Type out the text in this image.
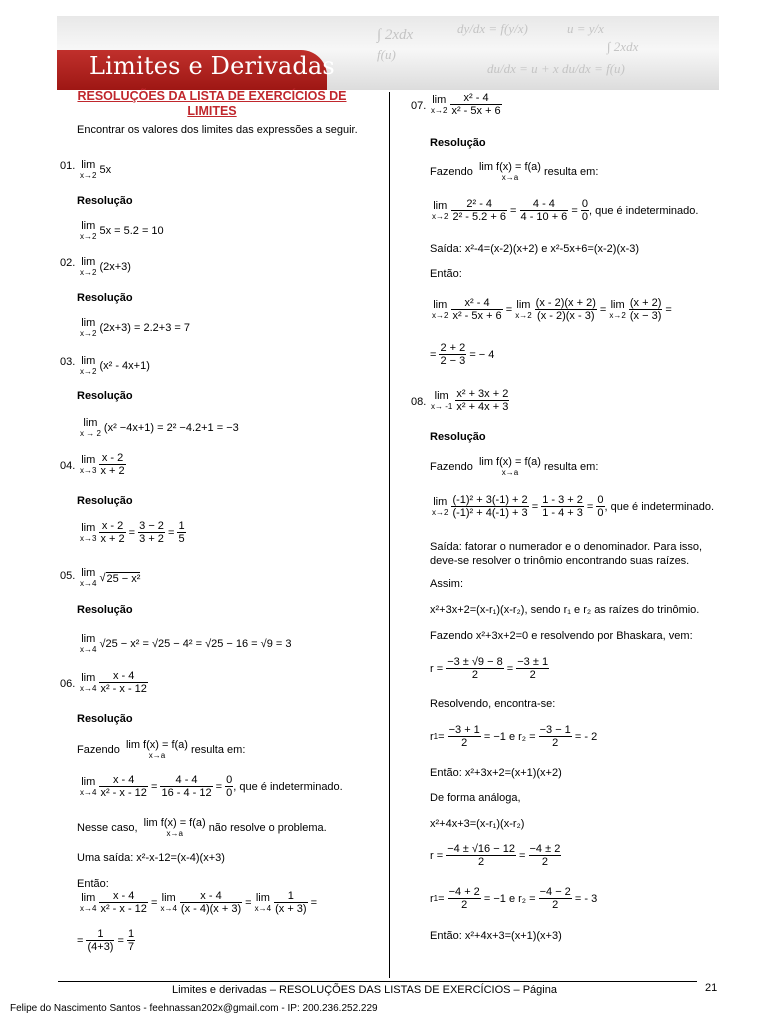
dy/dx = f(y/x)	u = y/x
∫ 2xdx
f(u)
du/dx = u + x du/dx = f(u)
∫ 2xdx
Limites e Derivadas
RESOLUÇÕES DA LISTA DE EXERCÍCIOS DE LIMITES
Encontrar os valores dos limites das expressões a seguir.
01. lim
x→2 5x
Resolução
lim
x→2 5x = 5.2 = 10
02. lim
x→2 (2x+3)
Resolução
lim
x→2 (2x+3) = 2.2+3 = 7
03. lim
x→2 (x² - 4x+1)
Resolução
lim
x → 2 (x² −4x+1) = 2² −4.2+1 = −3
04.
lim
$x\to 3 \frac{x - 2}{x + 2}$
Resolução
lim
$x\to 3 \frac{x - 2}{x + 2} = \frac{3 - 2}{3 + 2} = \frac{1}{5}$
05. lim
x→4 √ 25 − x²
Resolução
lim
x→4 √25 − x² = √25 − 4² = √25 − 16 = √9 = 3
06.
lim
$x\to 4 \frac{x - 4}{\text{x² - x - 12}}$
Resolução
Fazendo
lim f(x) = f(a)
x→a	resulta em:
lim
$x\to 4 \frac{x - 4}{\text{x² - x - 12}} = \frac{4 - 4}{16 - 4 - 12} = \frac{0}{0}$ , que é indeterminado.
Nesse caso,
lim f(x) = f(a)
x→a	não resolve o problema.
Uma saída: x²-x-12=(x-4)(x+3)
Então:
lim
$x\to 4 \frac{x - 4}{\text{x² - x - 12}} = \lim$
$x\to 4 \frac{x - 4}{(x - 4)(x + 3)} = \lim$
$x\to 4 \frac{1}{(x + 3)}$ =
= $\frac{1}{(4+3)} = \frac{1}{7}$
07.
lim
$x\to 2 \frac{\text{x² - 4}}{\text{x² - 5x + 6}}$
Resolução
Fazendo
lim f(x) = f(a)
x→a	resulta em:
lim
$x\to 2 \frac{\text{2² - 4}}{\text{2² - 5.2 + 6}} = \frac{4 - 4}{4 - 10 + 6} = \frac{0}{0}$ , que é indeterminado.
Saída: x²-4=(x-2)(x+2) e x²-5x+6=(x-2)(x-3)
Então:
lim
$x\to 2 \frac{\text{x² - 4}}{\text{x² - 5x + 6}} = \lim$
$x\to 2 \frac{(x - 2)(x + 2)}{(x - 2)(x - 3)} = \lim$
$x\to 2 \frac{(x + 2)}{(x - 3)}$ =
= $\frac{2 + 2}{2 - 3}$
= − 4
08.
lim
$x\to -1 \frac{\text{x² + 3x + 2}}{\text{x² + 4x + 3}}$
Resolução
Fazendo
lim f(x) = f(a)
x→a	resulta em:
lim
$x\to 2 \frac{\text{(-1)² + 3(-1) + 2}}{\text{(-1)² + 4(-1) + 3}} = \frac{1 - 3 + 2}{1 - 4 + 3} = \frac{0}{0}$ , que é indeterminado.
Saída: fatorar o numerador e o denominador. Para isso,
deve-se resolver o trinômio encontrando suas raízes.
Assim:
x²+3x+2=(x-r₁)(x-r₂), sendo r₁ e r₂ as raízes do trinômio.
Fazendo x²+3x+2=0 e resolvendo por Bhaskara, vem:
$r = \frac{-3 \pm √9 - 8}{2} = \frac{-3 \pm 1}{2}$
Resolvendo, encontra-se:
r $1 = \frac{-3 + 1}{2}$
= −1 e r₂ =
$\frac{-3 - 1}{2}$
= - 2
Então: x²+3x+2=(x+1)(x+2)
De forma análoga,
x²+4x+3=(x-r₁)(x-r₂)
$r = \frac{-4 \pm √16 - 12}{2} = \frac{-4 \pm 2}{2}$
r $1 = \frac{-4 + 2}{2}$
= −1 e r₂ =
$\frac{-4 - 2}{2}$
= - 3
Então: x²+4x+3=(x+1)(x+3)
Limites e derivadas – RESOLUÇÕES DAS LISTAS DE EXERCÍCIOS – Página	21
Felipe do Nascimento Santos - feehnassan202x@gmail.com - IP: 200.236.252.229
